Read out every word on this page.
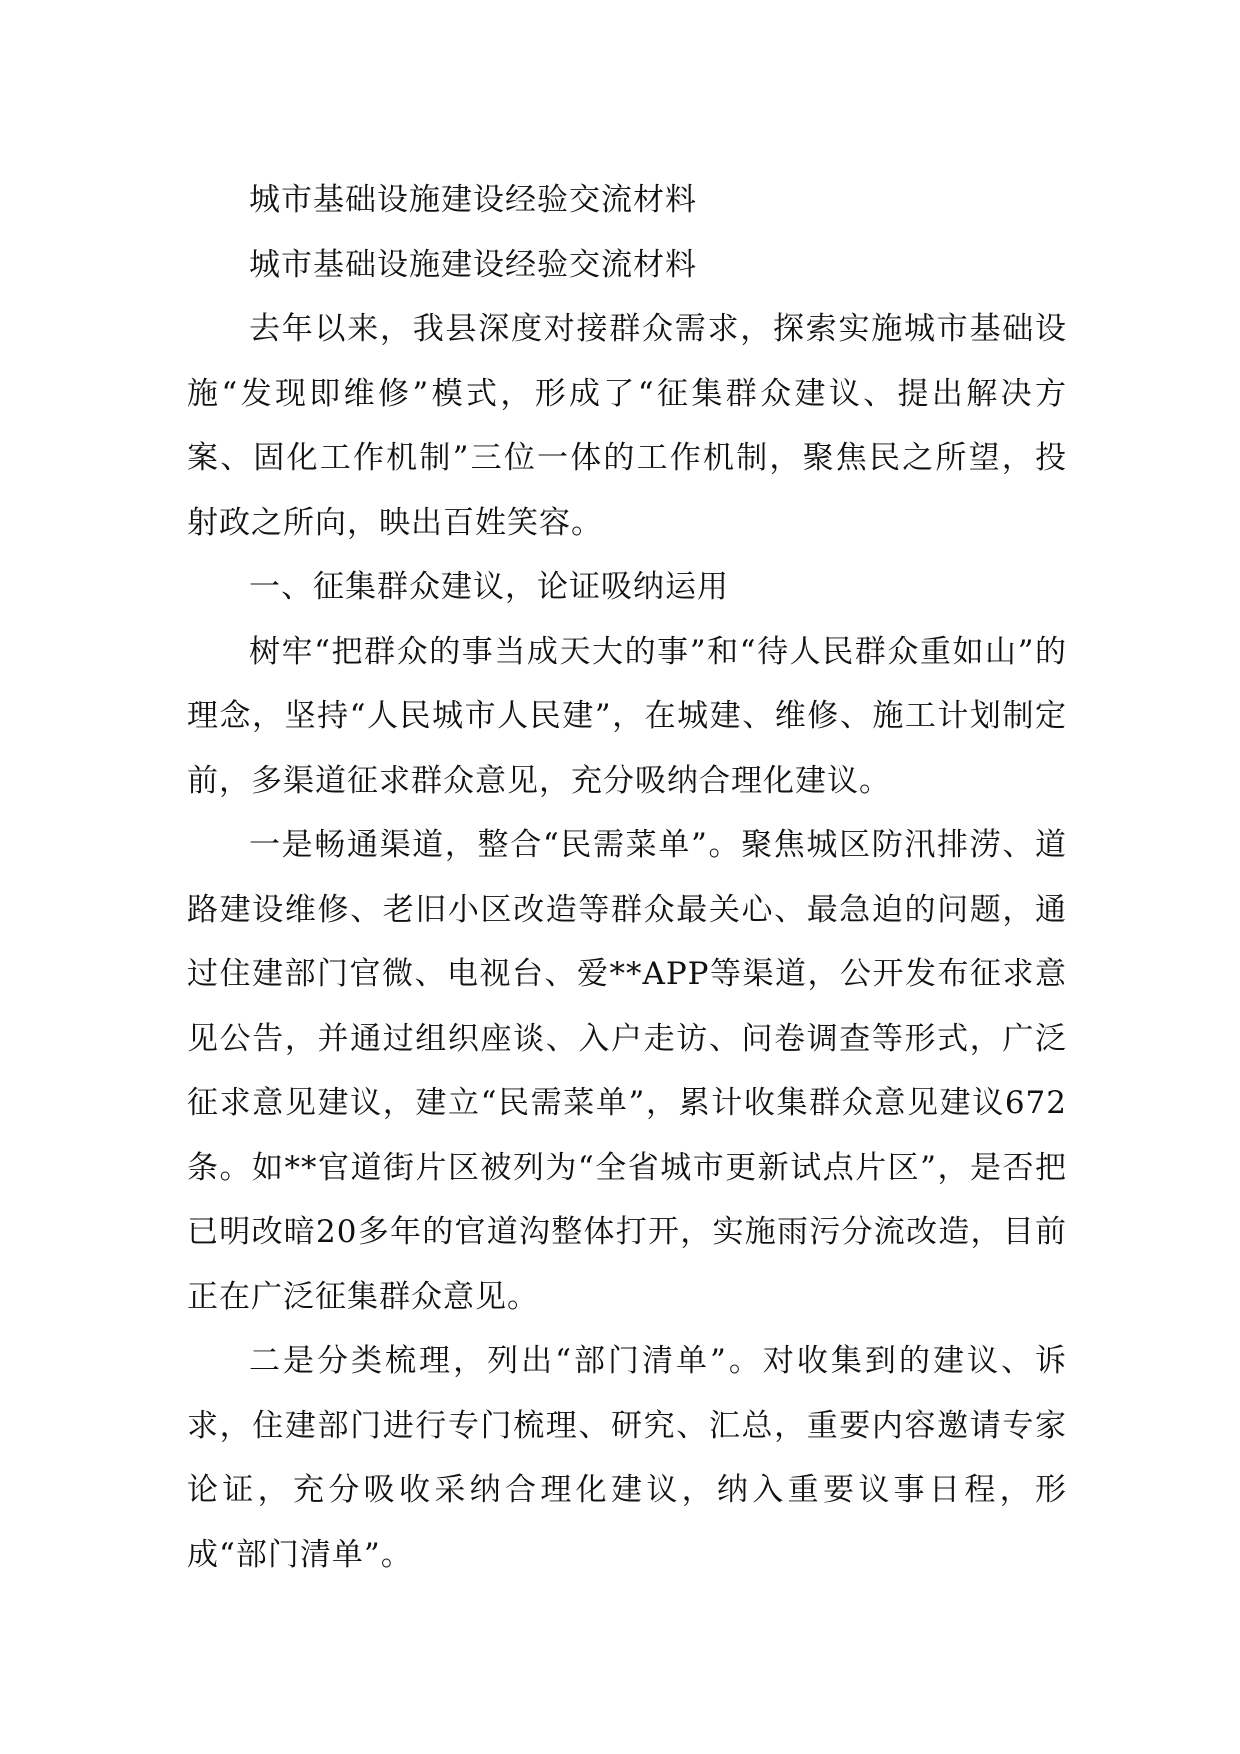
城市基础设施建设经验交流材料

城市基础设施建设经验交流材料

去年以来，我县深度对接群众需求，探索实施城市基础设施“发现即维修”模式，形成了“征集群众建议、提出解决方案、固化工作机制”三位一体的工作机制，聚焦民之所望，投射政之所向，映出百姓笑容。

一、征集群众建议，论证吸纳运用

树牢“把群众的事当成天大的事”和“待人民群众重如山”的理念，坚持“人民城市人民建”，在城建、维修、施工计划制定前，多渠道征求群众意见，充分吸纳合理化建议。

一是畅通渠道，整合“民需菜单”。聚焦城区防汛排涝、道路建设维修、老旧小区改造等群众最关心、最急迫的问题，通过住建部门官微、电视台、爱**APP等渠道，公开发布征求意见公告，并通过组织座谈、入户走访、问卷调查等形式，广泛征求意见建议，建立“民需菜单”，累计收集群众意见建议672条。如**官道街片区被列为“全省城市更新试点片区”，是否把已明改暗20多年的官道沟整体打开，实施雨污分流改造，目前正在广泛征集群众意见。

二是分类梳理，列出“部门清单”。对收集到的建议、诉求，住建部门进行专门梳理、研究、汇总，重要内容邀请专家论证，充分吸收采纳合理化建议，纳入重要议事日程，形成“部门清单”。
